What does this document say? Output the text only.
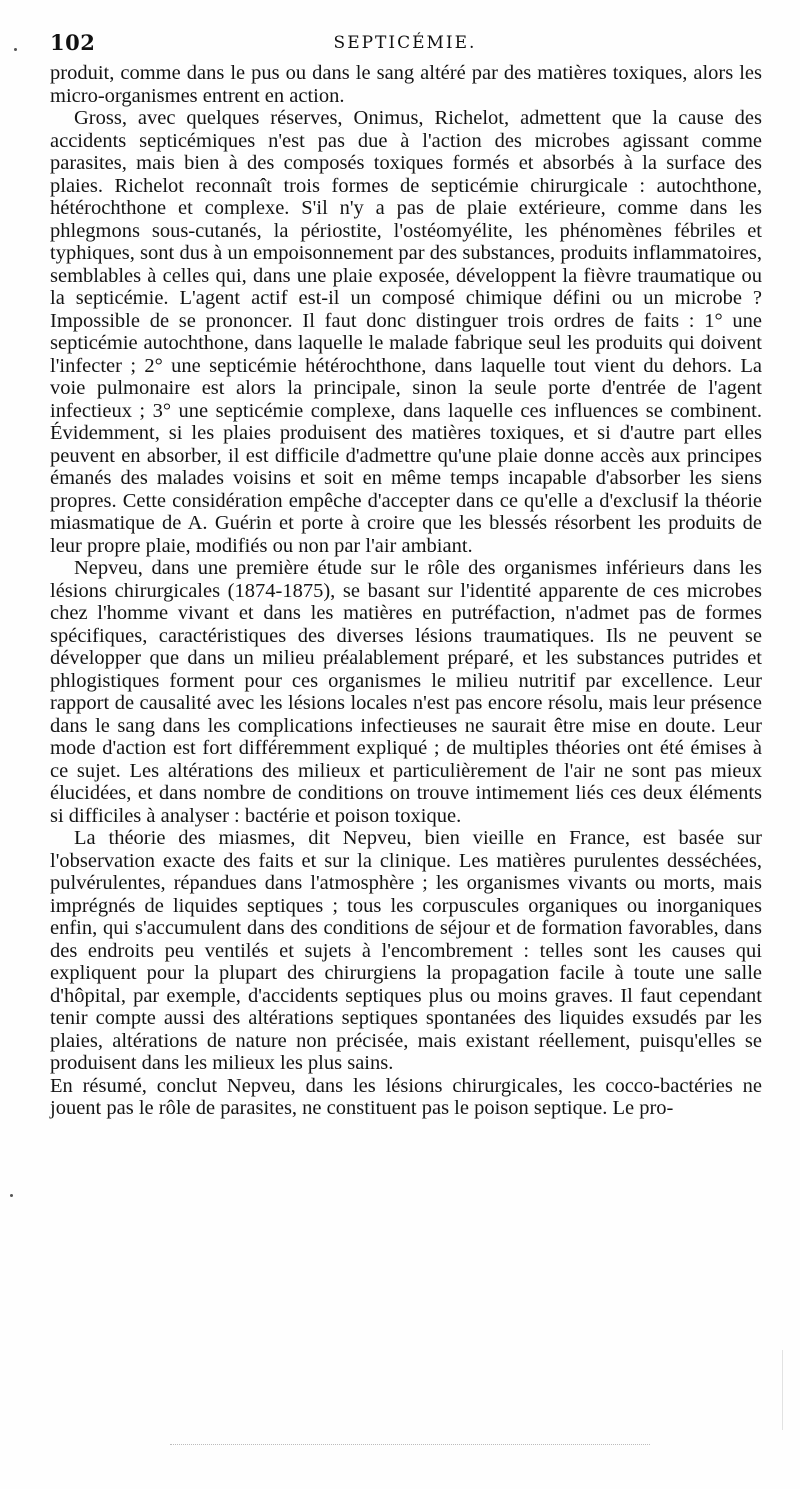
102	SEPTICÉMIE.

produit, comme dans le pus ou dans le sang altéré par des matières toxiques, alors les micro-organismes entrent en action.

Gross, avec quelques réserves, Onimus, Richelot, admettent que la cause des accidents septicémiques n'est pas due à l'action des microbes agissant comme parasites, mais bien à des composés toxiques formés et absorbés à la surface des plaies. Richelot reconnaît trois formes de septicémie chirurgicale : autochthone, hétérochthone et complexe. S'il n'y a pas de plaie extérieure, comme dans les phlegmons sous-cutanés, la périostite, l'ostéomyélite, les phénomènes fébriles et typhiques, sont dus à un empoisonnement par des substances, produits inflammatoires, semblables à celles qui, dans une plaie exposée, développent la fièvre traumatique ou la septicémie. L'agent actif est-il un composé chimique défini ou un microbe ? Impossible de se prononcer. Il faut donc distinguer trois ordres de faits : 1° une septicémie autochthone, dans laquelle le malade fabrique seul les produits qui doivent l'infecter ; 2° une septicémie hétérochthone, dans laquelle tout vient du dehors. La voie pulmonaire est alors la principale, sinon la seule porte d'entrée de l'agent infectieux ; 3° une septicémie complexe, dans laquelle ces influences se combinent. Évidemment, si les plaies produisent des matières toxiques, et si d'autre part elles peuvent en absorber, il est difficile d'admettre qu'une plaie donne accès aux principes émanés des malades voisins et soit en même temps incapable d'absorber les siens propres. Cette considération empêche d'accepter dans ce qu'elle a d'exclusif la théorie miasmatique de A. Guérin et porte à croire que les blessés résorbent les produits de leur propre plaie, modifiés ou non par l'air ambiant.

Nepveu, dans une première étude sur le rôle des organismes inférieurs dans les lésions chirurgicales (1874-1875), se basant sur l'identité apparente de ces microbes chez l'homme vivant et dans les matières en putréfaction, n'admet pas de formes spécifiques, caractéristiques des diverses lésions traumatiques. Ils ne peuvent se développer que dans un milieu préalablement préparé, et les substances putrides et phlogistiques forment pour ces organismes le milieu nutritif par excellence. Leur rapport de causalité avec les lésions locales n'est pas encore résolu, mais leur présence dans le sang dans les complications infectieuses ne saurait être mise en doute. Leur mode d'action est fort différemment expliqué ; de multiples théories ont été émises à ce sujet. Les altérations des milieux et particulièrement de l'air ne sont pas mieux élucidées, et dans nombre de conditions on trouve intimement liés ces deux éléments si difficiles à analyser : bactérie et poison toxique.

La théorie des miasmes, dit Nepveu, bien vieille en France, est basée sur l'observation exacte des faits et sur la clinique. Les matières purulentes desséchées, pulvérulentes, répandues dans l'atmosphère ; les organismes vivants ou morts, mais imprégnés de liquides septiques ; tous les corpuscules organiques ou inorganiques enfin, qui s'accumulent dans des conditions de séjour et de formation favorables, dans des endroits peu ventilés et sujets à l'encombrement : telles sont les causes qui expliquent pour la plupart des chirurgiens la propagation facile à toute une salle d'hôpital, par exemple, d'accidents septiques plus ou moins graves. Il faut cependant tenir compte aussi des altérations septiques spontanées des liquides exsudés par les plaies, altérations de nature non précisée, mais existant réellement, puisqu'elles se produisent dans les milieux les plus sains.

En résumé, conclut Nepveu, dans les lésions chirurgicales, les cocco-bactéries ne jouent pas le rôle de parasites, ne constituent pas le poison septique. Le pro-
